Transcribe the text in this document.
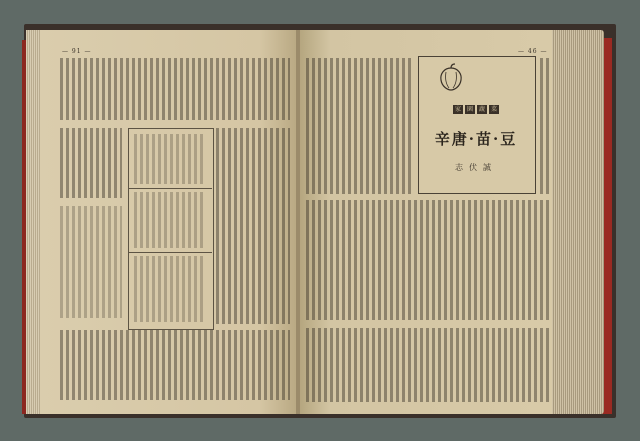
— 91 —	— 46 —
家 園 蔬 菜
辛唐·苗·豆
志伏誠
